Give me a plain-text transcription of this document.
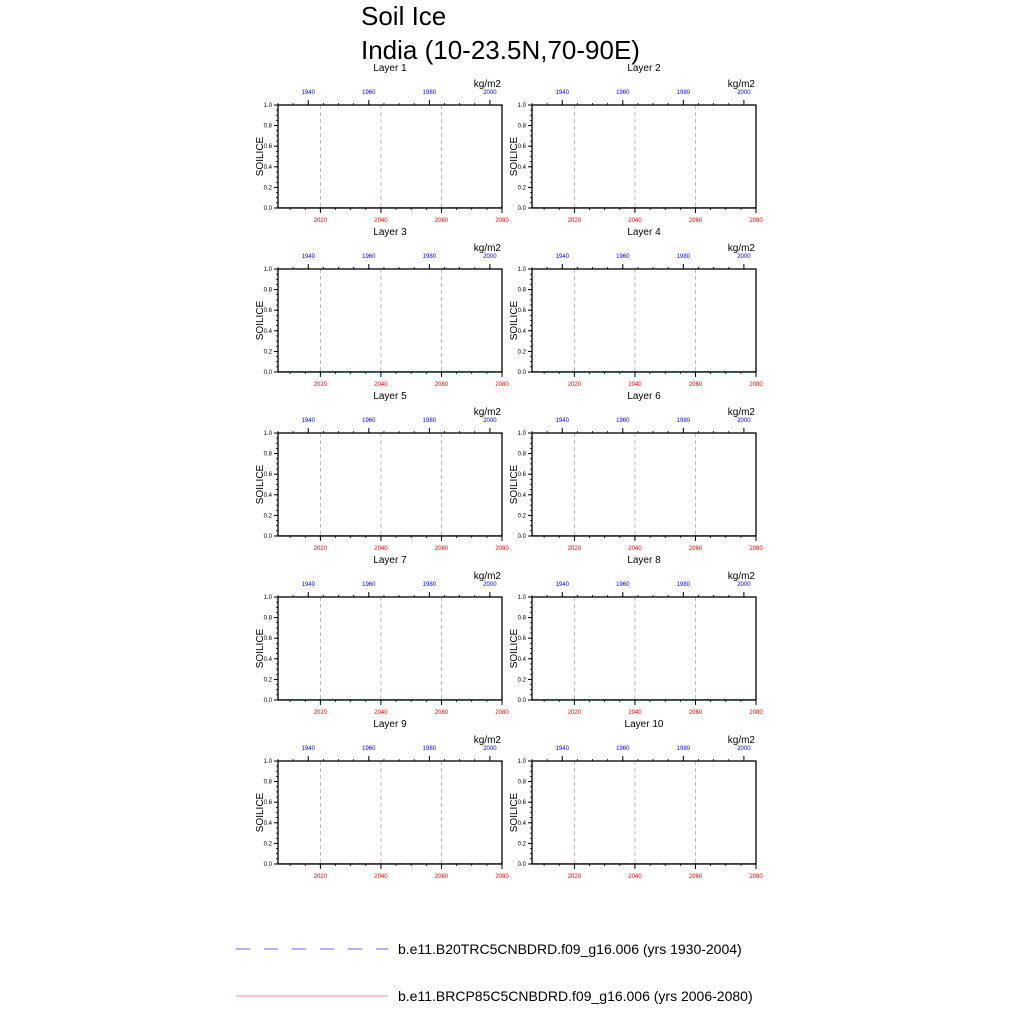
Soil Ice
India (10-23.5N,70-90E)
Layer 1
kg/m2
0.0
0.2
0.4
0.6
0.8
1.0
2020	2040	2060	2080
1940	1960	1980	2000
SOILICE
Layer 2
kg/m2
0.0
0.2
0.4
0.6
0.8
1.0
2020	2040	2060	2080
1940	1960	1980	2000
SOILICE
Layer 3
kg/m2
0.0
0.2
0.4
0.6
0.8
1.0
2020	2040	2060	2080
1940	1960	1980	2000
SOILICE
Layer 4
kg/m2
0.0
0.2
0.4
0.6
0.8
1.0
2020	2040	2060	2080
1940	1960	1980	2000
SOILICE
Layer 5
kg/m2
0.0
0.2
0.4
0.6
0.8
1.0
2020	2040	2060	2080
1940	1960	1980	2000
SOILICE
Layer 6
kg/m2
0.0
0.2
0.4
0.6
0.8
1.0
2020	2040	2060	2080
1940	1960	1980	2000
SOILICE
Layer 7
kg/m2
0.0
0.2
0.4
0.6
0.8
1.0
2020	2040	2060	2080
1940	1960	1980	2000
SOILICE
Layer 8
kg/m2
0.0
0.2
0.4
0.6
0.8
1.0
2020	2040	2060	2080
1940	1960	1980	2000
SOILICE
Layer 9
kg/m2
0.0
0.2
0.4
0.6
0.8
1.0
2020	2040	2060	2080
1940	1960	1980	2000
SOILICE
Layer 10
kg/m2
0.0
0.2
0.4
0.6
0.8
1.0
2020	2040	2060	2080
1940	1960	1980	2000
SOILICE
b.e11.B20TRC5CNBDRD.f09_g16.006 (yrs 1930-2004)
b.e11.BRCP85C5CNBDRD.f09_g16.006 (yrs 2006-2080)
